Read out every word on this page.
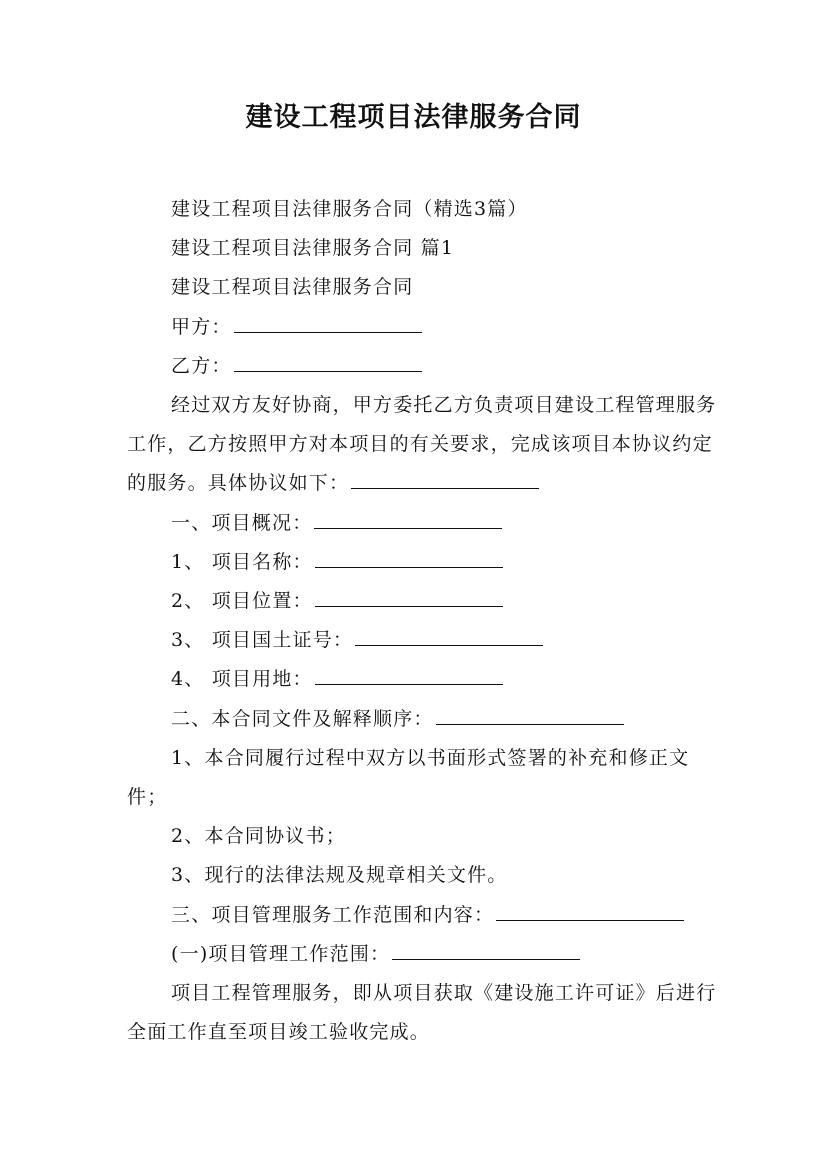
建设工程项目法律服务合同

建设工程项目法律服务合同（精选3篇）

建设工程项目法律服务合同 篇1

建设工程项目法律服务合同

甲方：

乙方：

经过双方友好协商，甲方委托乙方负责项目建设工程管理服务工作，乙方按照甲方对本项目的有关要求，完成该项目本协议约定的服务。具体协议如下：

一、项目概况：

1、 项目名称：

2、 项目位置：

3、 项目国土证号：

4、 项目用地：

二、本合同文件及解释顺序：

1、本合同履行过程中双方以书面形式签署的补充和修正文件；

2、本合同协议书；

3、现行的法律法规及规章相关文件。

三、项目管理服务工作范围和内容：

(一)项目管理工作范围：

项目工程管理服务，即从项目获取《建设施工许可证》后进行全面工作直至项目竣工验收完成。
